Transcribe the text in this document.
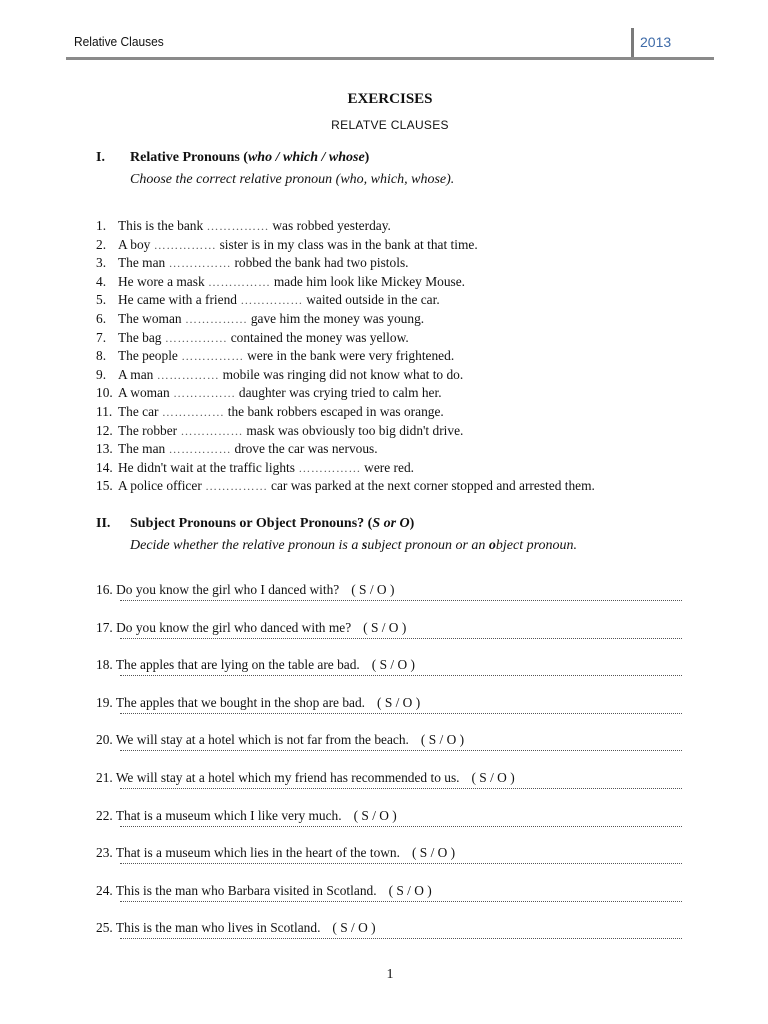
Relative Clauses	2013
EXERCISES
RELATVE CLAUSES
I. Relative Pronouns (who / which / whose)
Choose the correct relative pronoun (who, which, whose).
1. This is the bank …………… was robbed yesterday.
2. A boy …………… sister is in my class was in the bank at that time.
3. The man …………… robbed the bank had two pistols.
4. He wore a mask …………… made him look like Mickey Mouse.
5. He came with a friend …………… waited outside in the car.
6. The woman …………… gave him the money was young.
7. The bag …………… contained the money was yellow.
8. The people …………… were in the bank were very frightened.
9. A man …………… mobile was ringing did not know what to do.
10. A woman …………… daughter was crying tried to calm her.
11. The car …………… the bank robbers escaped in was orange.
12. The robber …………… mask was obviously too big didn't drive.
13. The man …………… drove the car was nervous.
14. He didn't wait at the traffic lights …………… were red.
15. A police officer …………… car was parked at the next corner stopped and arrested them.
II. Subject Pronouns or Object Pronouns? (S or O)
Decide whether the relative pronoun is a subject pronoun or an object pronoun.
16. Do you know the girl who I danced with? ( S / O )
17. Do you know the girl who danced with me? ( S / O )
18. The apples that are lying on the table are bad. ( S / O )
19. The apples that we bought in the shop are bad. ( S / O )
20. We will stay at a hotel which is not far from the beach. ( S / O )
21. We will stay at a hotel which my friend has recommended to us. ( S / O )
22. That is a museum which I like very much. ( S / O )
23. That is a museum which lies in the heart of the town. ( S / O )
24. This is the man who Barbara visited in Scotland. ( S / O )
25. This is the man who lives in Scotland. ( S / O )
1
